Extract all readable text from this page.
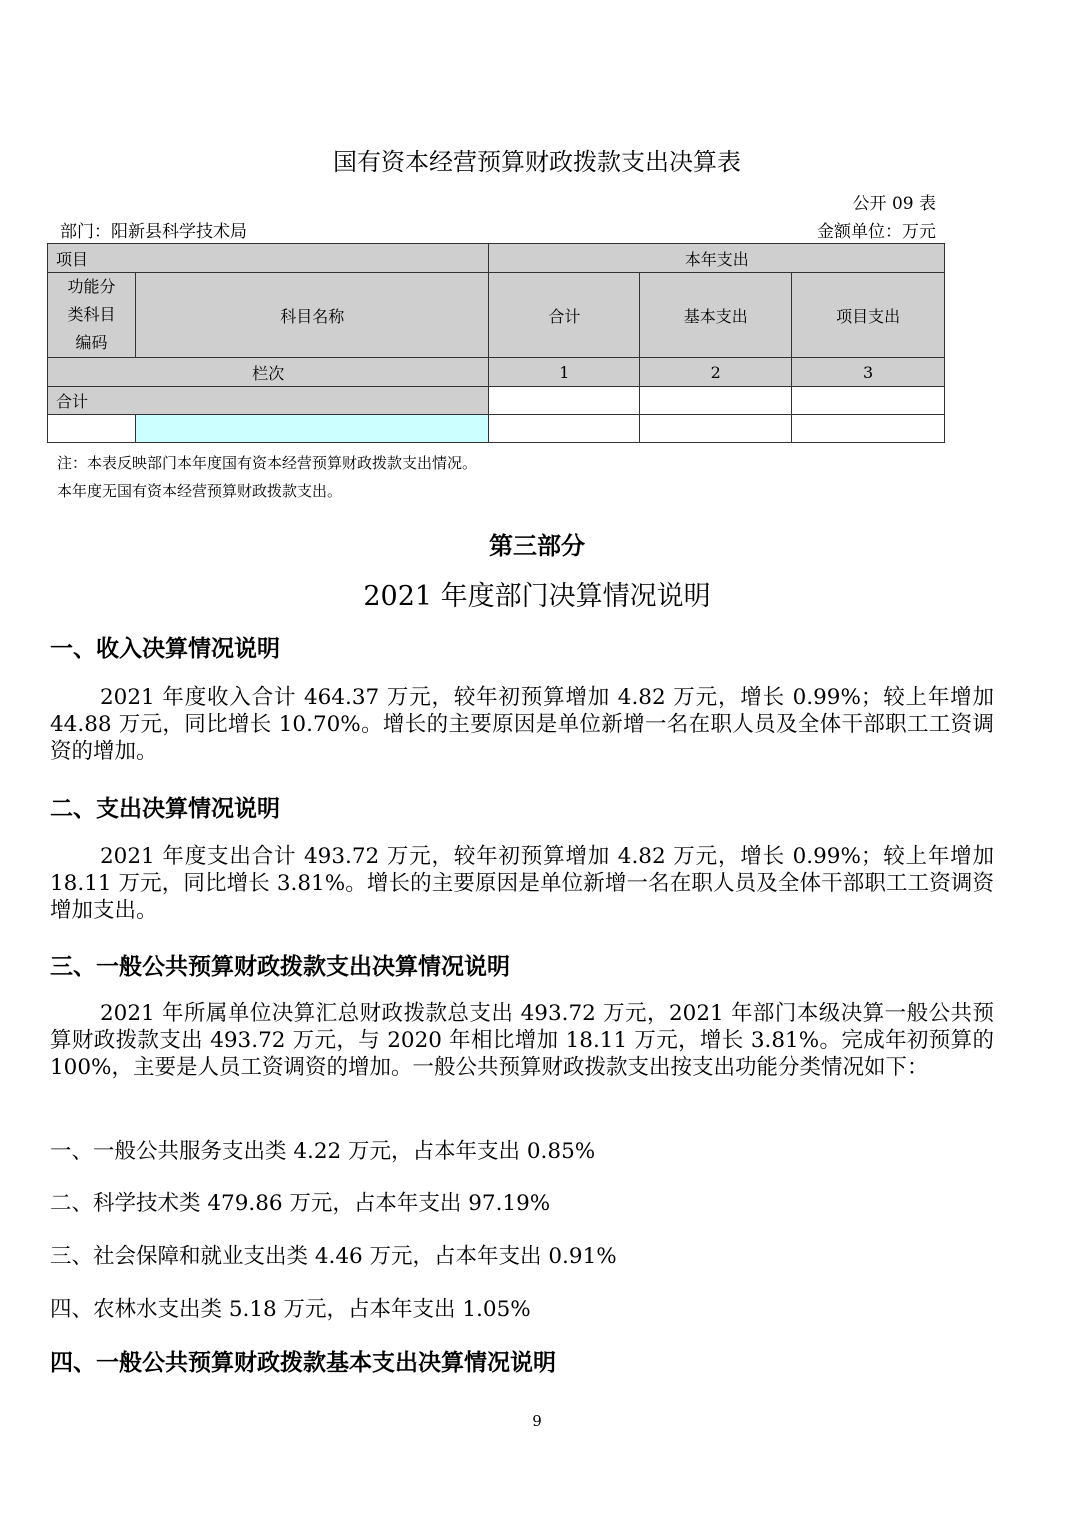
国有资本经营预算财政拨款支出决算表
公开 09 表
部门：阳新县科学技术局	金额单位：万元
项目		本年支出		
功能分类科目编码	科目名称	合计	基本支出	项目支出
栏次		1	2	3
合计				

注：本表反映部门本年度国有资本经营预算财政拨款支出情况。
本年度无国有资本经营预算财政拨款支出。
第三部分
2021 年度部门决算情况说明
一、收入决算情况说明
2021 年度收入合计 464.37 万元，较年初预算增加 4.82 万元，增长 0.99%；较上年增加 44.88 万元，同比增长 10.70%。增长的主要原因是单位新增一名在职人员及全体干部职工工资调资的增加。
二、支出决算情况说明
2021 年度支出合计 493.72 万元，较年初预算增加 4.82 万元，增长 0.99%；较上年增加 18.11 万元，同比增长 3.81%。增长的主要原因是单位新增一名在职人员及全体干部职工工资调资增加支出。
三、一般公共预算财政拨款支出决算情况说明
2021 年所属单位决算汇总财政拨款总支出 493.72 万元，2021 年部门本级决算一般公共预算财政拨款支出 493.72 万元，与 2020 年相比增加 18.11 万元，增长 3.81%。完成年初预算的 100%，主要是人员工资调资的增加。一般公共预算财政拨款支出按支出功能分类情况如下：
一、一般公共服务支出类 4.22 万元，占本年支出 0.85%
二、科学技术类 479.86 万元，占本年支出 97.19%
三、社会保障和就业支出类 4.46 万元，占本年支出 0.91%
四、农林水支出类 5.18 万元，占本年支出 1.05%
四、一般公共预算财政拨款基本支出决算情况说明
9
